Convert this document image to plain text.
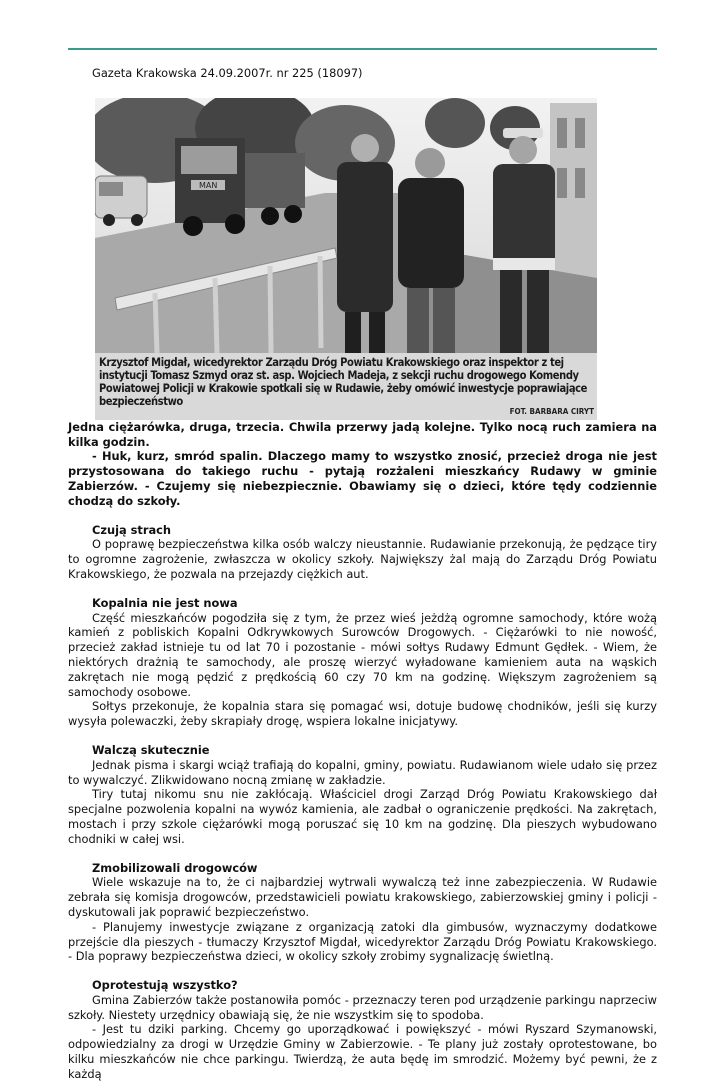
Gazeta Krakowska 24.09.2007r. nr 225 (18097)

MAN
Krzysztof Migdał, wicedyrektor Zarządu Dróg Powiatu Krakowskiego oraz inspektor z tej instytucji Tomasz Szmyd oraz st. asp. Wojciech Madeja, z sekcji ruchu drogowego Komendy Powiatowej Policji w Krakowie spotkali się w Rudawie, żeby omówić inwestycje poprawiające bezpieczeństwo
FOT. BARBARA CIRYT

Jedna ciężarówka, druga, trzecia. Chwila przerwy jadą kolejne. Tylko nocą ruch zamiera na kilka godzin.

- Huk, kurz, smród spalin. Dlaczego mamy to wszystko znosić, przecież droga nie jest przystosowana do takiego ruchu - pytają rozżaleni mieszkańcy Rudawy w gminie Zabierzów. - Czujemy się niebezpiecznie. Obawiamy się o dzieci, które tędy codziennie chodzą do szkoły.

Czują strach

O poprawę bezpieczeństwa kilka osób walczy nieustannie. Rudawianie przekonują, że pędzące tiry to ogromne zagrożenie, zwłaszcza w okolicy szkoły. Największy żal mają do Zarządu Dróg Powiatu Krakowskiego, że pozwala na przejazdy ciężkich aut.

Kopalnia nie jest nowa

Część mieszkańców pogodziła się z tym, że przez wieś jeżdżą ogromne samochody, które wożą kamień z pobliskich Kopalni Odkrywkowych Surowców Drogowych. - Ciężarówki to nie nowość, przecież zakład istnieje tu od lat 70 i pozostanie - mówi sołtys Rudawy Edmunt Gędłek. - Wiem, że niektórych drażnią te samochody, ale proszę wierzyć wyładowane kamieniem auta na wąskich zakrętach nie mogą pędzić z prędkością 60 czy 70 km na godzinę. Większym zagrożeniem są samochody osobowe.

Sołtys przekonuje, że kopalnia stara się pomagać wsi, dotuje budowę chodników, jeśli się kurzy wysyła polewaczki, żeby skrapiały drogę, wspiera lokalne inicjatywy.

Walczą skutecznie

Jednak pisma i skargi wciąż trafiają do kopalni, gminy, powiatu. Rudawianom wiele udało się przez to wywalczyć. Zlikwidowano nocną zmianę w zakładzie.

Tiry tutaj nikomu snu nie zakłócają. Właściciel drogi Zarząd Dróg Powiatu Krakowskiego dał specjalne pozwolenia kopalni na wywóz kamienia, ale zadbał o ograniczenie prędkości. Na zakrętach, mostach i przy szkole ciężarówki mogą poruszać się 10 km na godzinę. Dla pieszych wybudowano chodniki w całej wsi.

Zmobilizowali drogowców

Wiele wskazuje na to, że ci najbardziej wytrwali wywalczą też inne zabezpieczenia. W Rudawie zebrała się komisja drogowców, przedstawicieli powiatu krakowskiego, zabierzowskiej gminy i policji - dyskutowali jak poprawić bezpieczeństwo.

- Planujemy inwestycje związane z organizacją zatoki dla gimbusów, wyznaczymy dodatkowe przejście dla pieszych - tłumaczy Krzysztof Migdał, wicedyrektor Zarządu Dróg Powiatu Krakowskiego. - Dla poprawy bezpieczeństwa dzieci, w okolicy szkoły zrobimy sygnalizację świetlną.

Oprotestują wszystko?

Gmina Zabierzów także postanowiła pomóc - przeznaczy teren pod urządzenie parkingu naprzeciw szkoły. Niestety urzędnicy obawiają się, że nie wszystkim się to spodoba.

- Jest tu dziki parking. Chcemy go uporządkować i powiększyć - mówi Ryszard Szymanowski, odpowiedzialny za drogi w Urzędzie Gminy w Zabierzowie. - Te plany już zostały oprotestowane, bo kilku mieszkańców nie chce parkingu. Twierdzą, że auta będę im smrodzić. Możemy być pewni, że z każdą
